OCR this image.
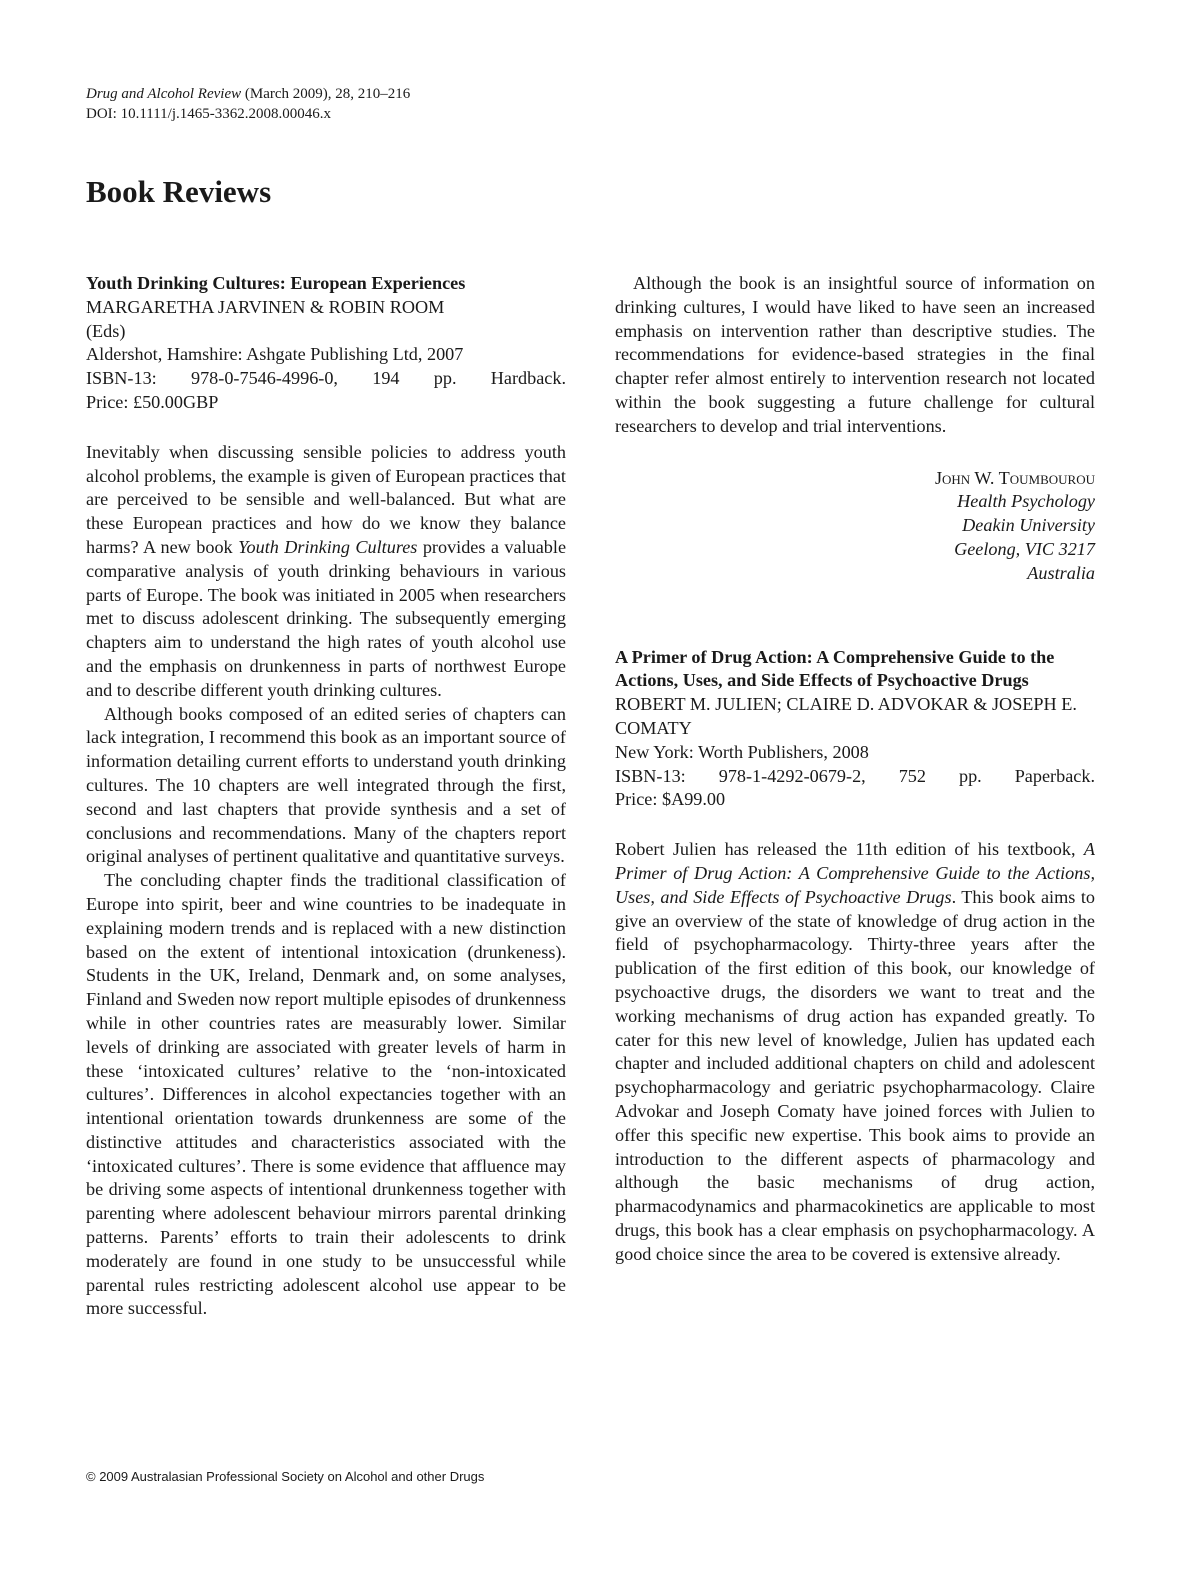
Drug and Alcohol Review (March 2009), 28, 210–216
DOI: 10.1111/j.1465-3362.2008.00046.x
Book Reviews
Youth Drinking Cultures: European Experiences
MARGARETHA JARVINEN & ROBIN ROOM
(Eds)
Aldershot, Hamshire: Ashgate Publishing Ltd, 2007
ISBN-13: 978-0-7546-4996-0, 194 pp. Hardback.
Price: £50.00GBP

Inevitably when discussing sensible policies to address youth alcohol problems, the example is given of European practices that are perceived to be sensible and well-balanced. But what are these European practices and how do we know they balance harms? A new book Youth Drinking Cultures provides a valuable comparative analysis of youth drinking behaviours in various parts of Europe. The book was initiated in 2005 when researchers met to discuss adolescent drinking. The subsequently emerging chapters aim to understand the high rates of youth alcohol use and the emphasis on drunkenness in parts of northwest Europe and to describe different youth drinking cultures.

Although books composed of an edited series of chapters can lack integration, I recommend this book as an important source of information detailing current efforts to understand youth drinking cultures. The 10 chapters are well integrated through the first, second and last chapters that provide synthesis and a set of conclusions and recommendations. Many of the chapters report original analyses of pertinent qualitative and quantitative surveys.

The concluding chapter finds the traditional classification of Europe into spirit, beer and wine countries to be inadequate in explaining modern trends and is replaced with a new distinction based on the extent of intentional intoxication (drunkeness). Students in the UK, Ireland, Denmark and, on some analyses, Finland and Sweden now report multiple episodes of drunkenness while in other countries rates are measurably lower. Similar levels of drinking are associated with greater levels of harm in these ‘intoxicated cultures’ relative to the ‘non-intoxicated cultures’. Differences in alcohol expectancies together with an intentional orientation towards drunkenness are some of the distinctive attitudes and characteristics associated with the ‘intoxicated cultures’. There is some evidence that affluence may be driving some aspects of intentional drunkenness together with parenting where adolescent behaviour mirrors parental drinking patterns. Parents’ efforts to train their adolescents to drink moderately are found in one study to be unsuccessful while parental rules restricting adolescent alcohol use appear to be more successful.

Although the book is an insightful source of information on drinking cultures, I would have liked to have seen an increased emphasis on intervention rather than descriptive studies. The recommendations for evidence-based strategies in the final chapter refer almost entirely to intervention research not located within the book suggesting a future challenge for cultural researchers to develop and trial interventions.

John W. Toumbourou
Health Psychology
Deakin University
Geelong, VIC 3217
Australia
A Primer of Drug Action: A Comprehensive Guide to the Actions, Uses, and Side Effects of Psychoactive Drugs
ROBERT M. JULIEN; CLAIRE D. ADVOKAR & JOSEPH E. COMATY
New York: Worth Publishers, 2008
ISBN-13: 978-1-4292-0679-2, 752 pp. Paperback.
Price: $A99.00

Robert Julien has released the 11th edition of his textbook, A Primer of Drug Action: A Comprehensive Guide to the Actions, Uses, and Side Effects of Psychoactive Drugs. This book aims to give an overview of the state of knowledge of drug action in the field of psychopharmacology. Thirty-three years after the publication of the first edition of this book, our knowledge of psychoactive drugs, the disorders we want to treat and the working mechanisms of drug action has expanded greatly. To cater for this new level of knowledge, Julien has updated each chapter and included additional chapters on child and adolescent psychopharmacology and geriatric psychopharmacology. Claire Advokar and Joseph Comaty have joined forces with Julien to offer this specific new expertise. This book aims to provide an introduction to the different aspects of pharmacology and although the basic mechanisms of drug action, pharmacodynamics and pharmacokinetics are applicable to most drugs, this book has a clear emphasis on psychopharmacology. A good choice since the area to be covered is extensive already.

© 2009 Australasian Professional Society on Alcohol and other Drugs
